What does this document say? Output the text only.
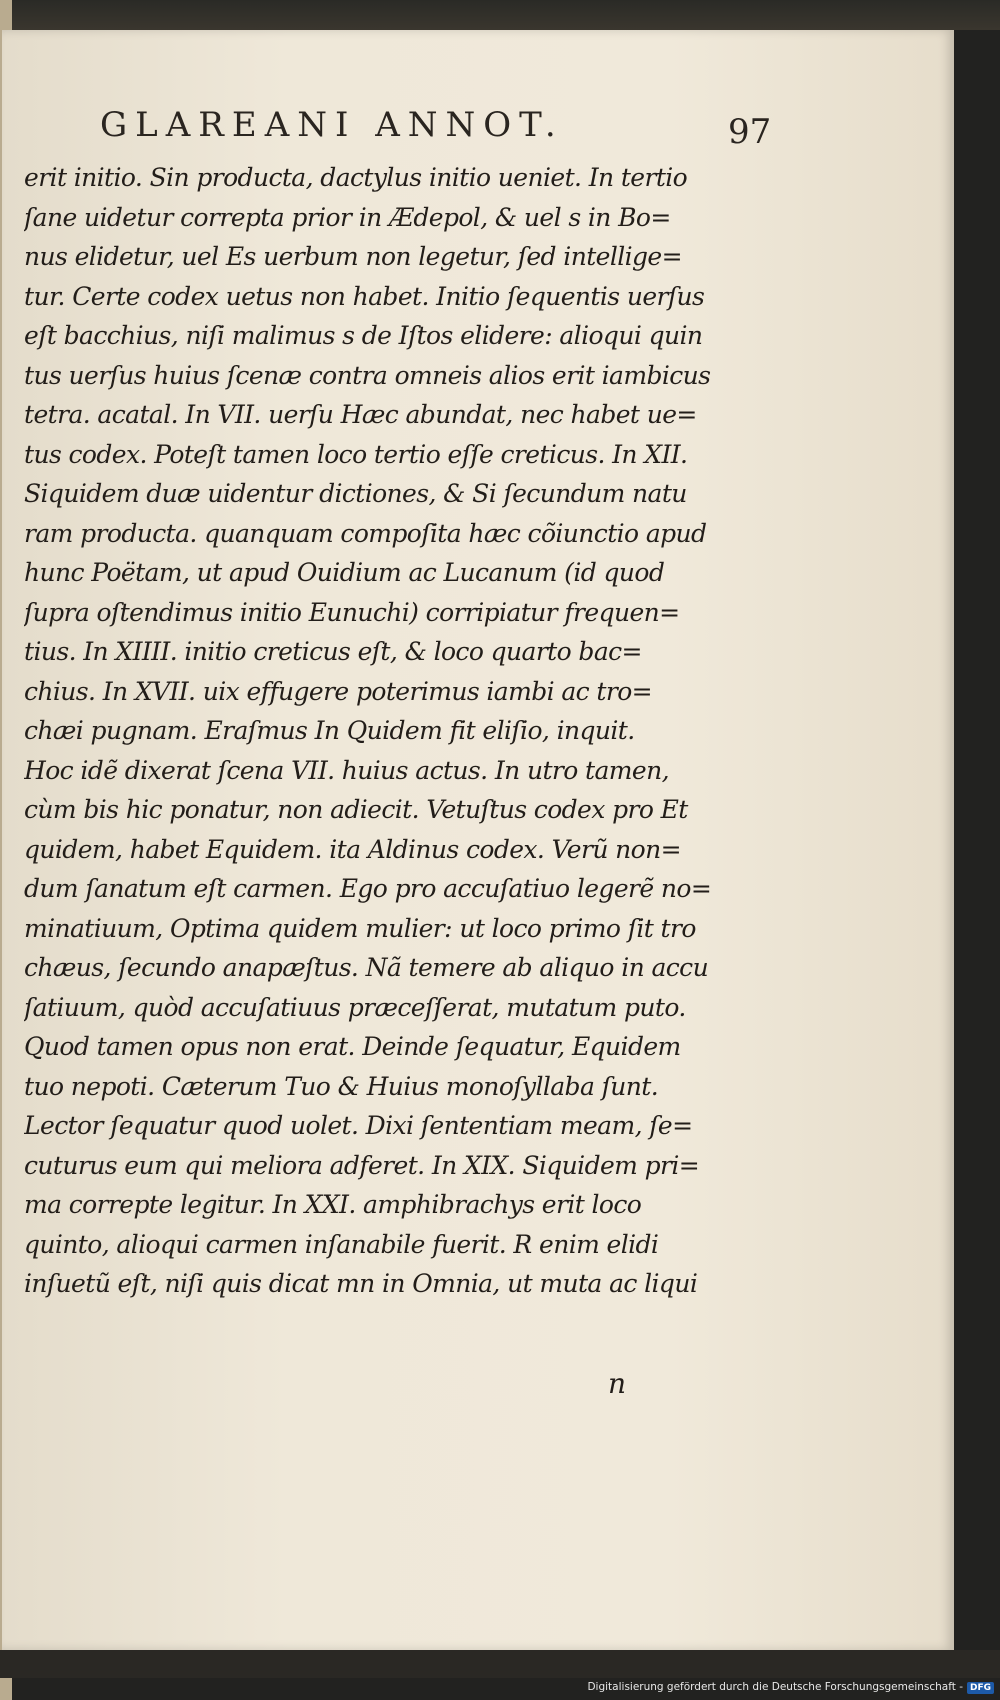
GLAREANI ANNOT.	97
erit initio. Sin producta, dactylus initio ueniet. In tertio
ſane uidetur correpta prior in Ædepol, & uel s in Bo=
nus elidetur, uel Es uerbum non legetur, ſed intellige=
tur. Certe codex uetus non habet. Initio ſequentis uerſus
eſt bacchius, niſi malimus s de Iſtos elidere: alioqui quin
tus uerſus huius ſcenæ contra omneis alios erit iambicus
tetra. acatal. In VII. uerſu Hæc abundat, nec habet ue=
tus codex. Poteſt tamen loco tertio eſſe creticus. In XII.
Siquidem duæ uidentur dictiones, & Si ſecundum natu
ram producta. quanquam compoſita hæc cõiunctio apud
hunc Poëtam, ut apud Ouidium ac Lucanum (id quod
ſupra oſtendimus initio Eunuchi) corripiatur frequen=
tius. In XIIII. initio creticus eſt, & loco quarto bac=
chius. In XVII. uix effugere poterimus iambi ac tro=
chæi pugnam. Eraſmus In Quidem fit eliſio, inquit.
Hoc idẽ dixerat ſcena VII. huius actus. In utro tamen,
cùm bis hic ponatur, non adiecit. Vetuſtus codex pro Et
quidem, habet Equidem. ita Aldinus codex. Verũ non=
dum ſanatum eſt carmen. Ego pro accuſatiuo legerẽ no=
minatiuum, Optima quidem mulier: ut loco primo ſit tro
chæus, ſecundo anapæſtus. Nã temere ab aliquo in accu
ſatiuum, quòd accuſatiuus præceſſerat, mutatum puto.
Quod tamen opus non erat. Deinde ſequatur, Equidem
tuo nepoti. Cæterum Tuo & Huius monoſyllaba ſunt.
Lector ſequatur quod uolet. Dixi ſententiam meam, ſe=
cuturus eum qui meliora adferet. In XIX. Siquidem pri=
ma correpte legitur. In XXI. amphibrachys erit loco
quinto, alioqui carmen inſanabile fuerit. R enim elidi
inſuetũ eſt, niſi quis dicat mn in Omnia, ut muta ac liqui
n
Digitalisierung gefördert durch die Deutsche Forschungsgemeinschaft - DFG
